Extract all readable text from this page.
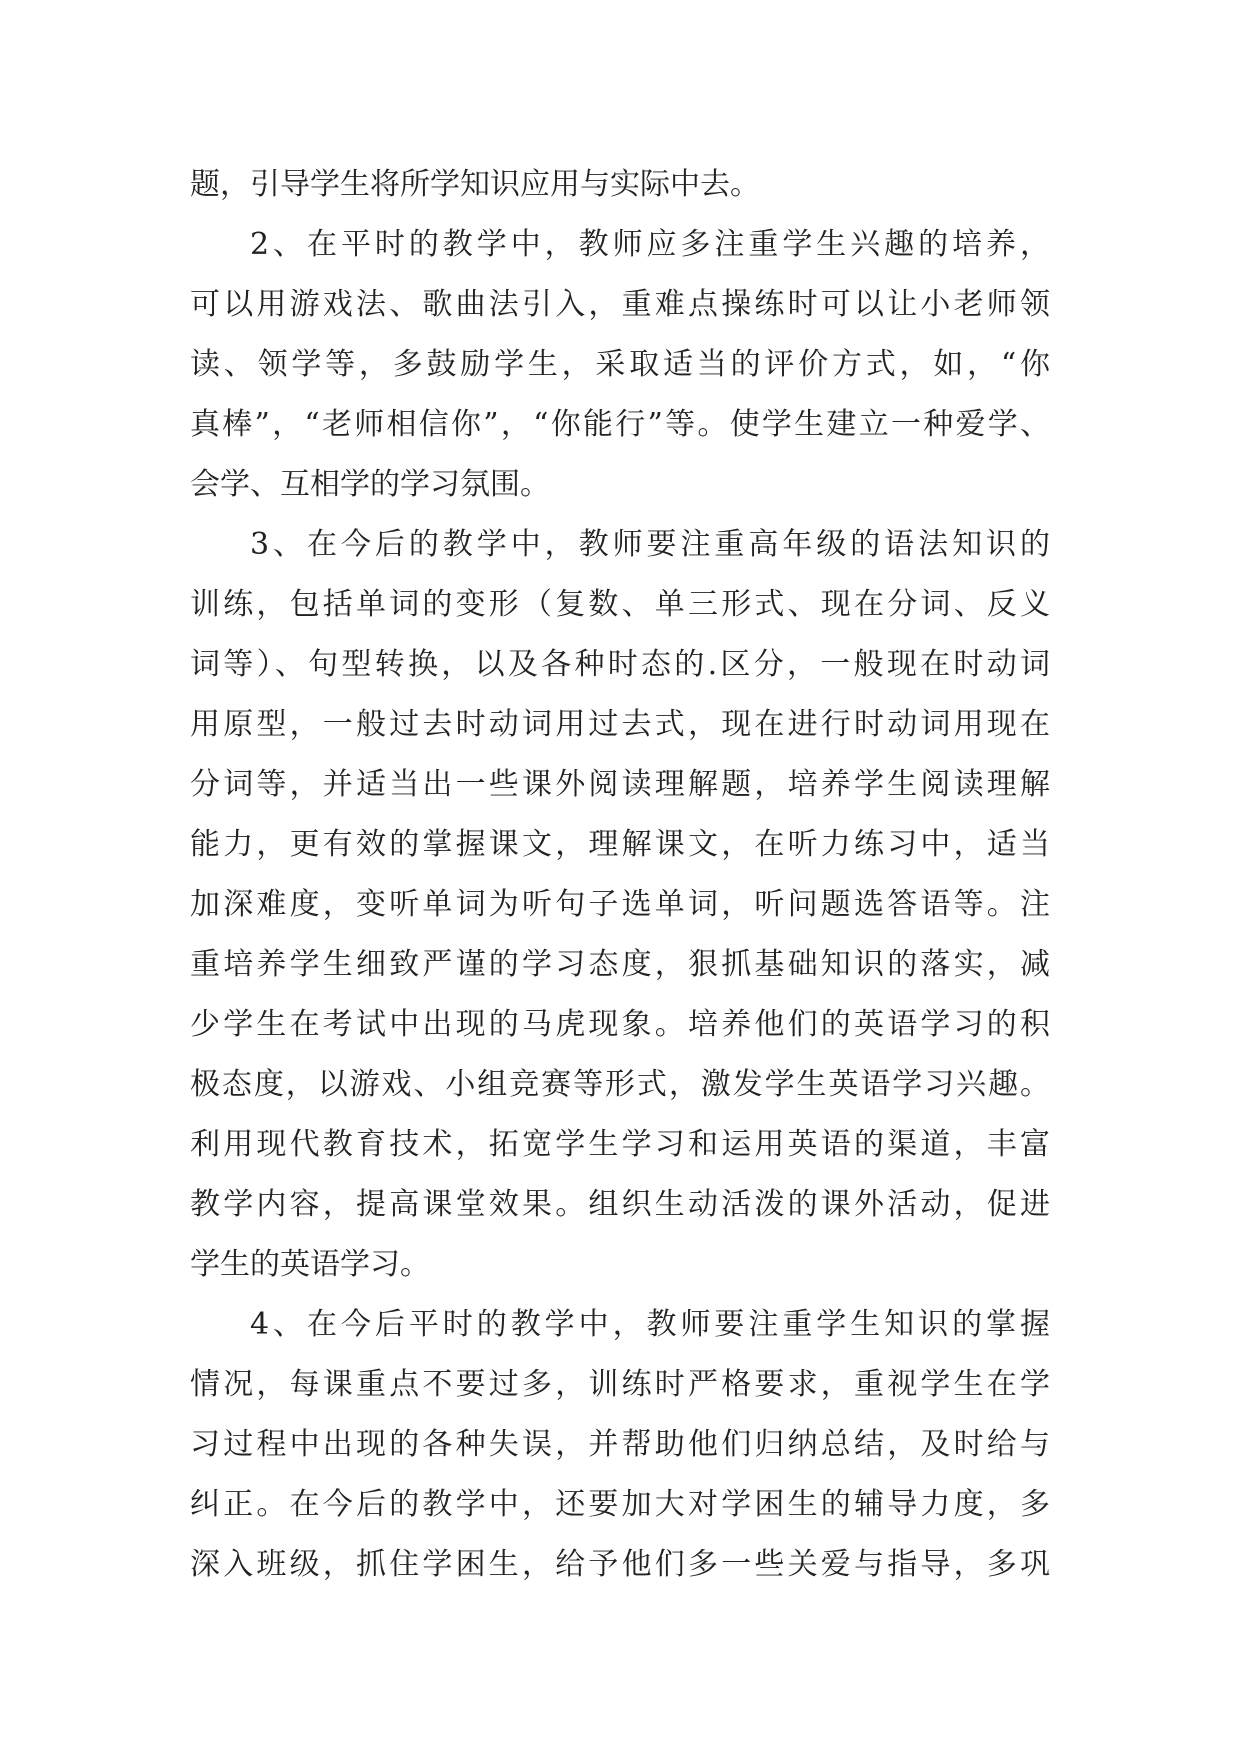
题，引导学生将所学知识应用与实际中去。
2、在平时的教学中，教师应多注重学生兴趣的培养，
可以用游戏法、歌曲法引入，重难点操练时可以让小老师领
读、领学等，多鼓励学生，采取适当的评价方式，如，“你
真棒”，“老师相信你”，“你能行”等。使学生建立一种爱学、
会学、互相学的学习氛围。
3、在今后的教学中，教师要注重高年级的语法知识的
训练，包括单词的变形（复数、单三形式、现在分词、反义
词等）、句型转换，以及各种时态的.区分，一般现在时动词
用原型，一般过去时动词用过去式，现在进行时动词用现在
分词等，并适当出一些课外阅读理解题，培养学生阅读理解
能力，更有效的掌握课文，理解课文，在听力练习中，适当
加深难度，变听单词为听句子选单词，听问题选答语等。注
重培养学生细致严谨的学习态度，狠抓基础知识的落实，减
少学生在考试中出现的马虎现象。培养他们的英语学习的积
极态度，以游戏、小组竞赛等形式，激发学生英语学习兴趣。
利用现代教育技术，拓宽学生学习和运用英语的渠道，丰富
教学内容，提高课堂效果。组织生动活泼的课外活动，促进
学生的英语学习。
4、在今后平时的教学中，教师要注重学生知识的掌握
情况，每课重点不要过多，训练时严格要求，重视学生在学
习过程中出现的各种失误，并帮助他们归纳总结，及时给与
纠正。在今后的教学中，还要加大对学困生的辅导力度，多
深入班级，抓住学困生，给予他们多一些关爱与指导，多巩
